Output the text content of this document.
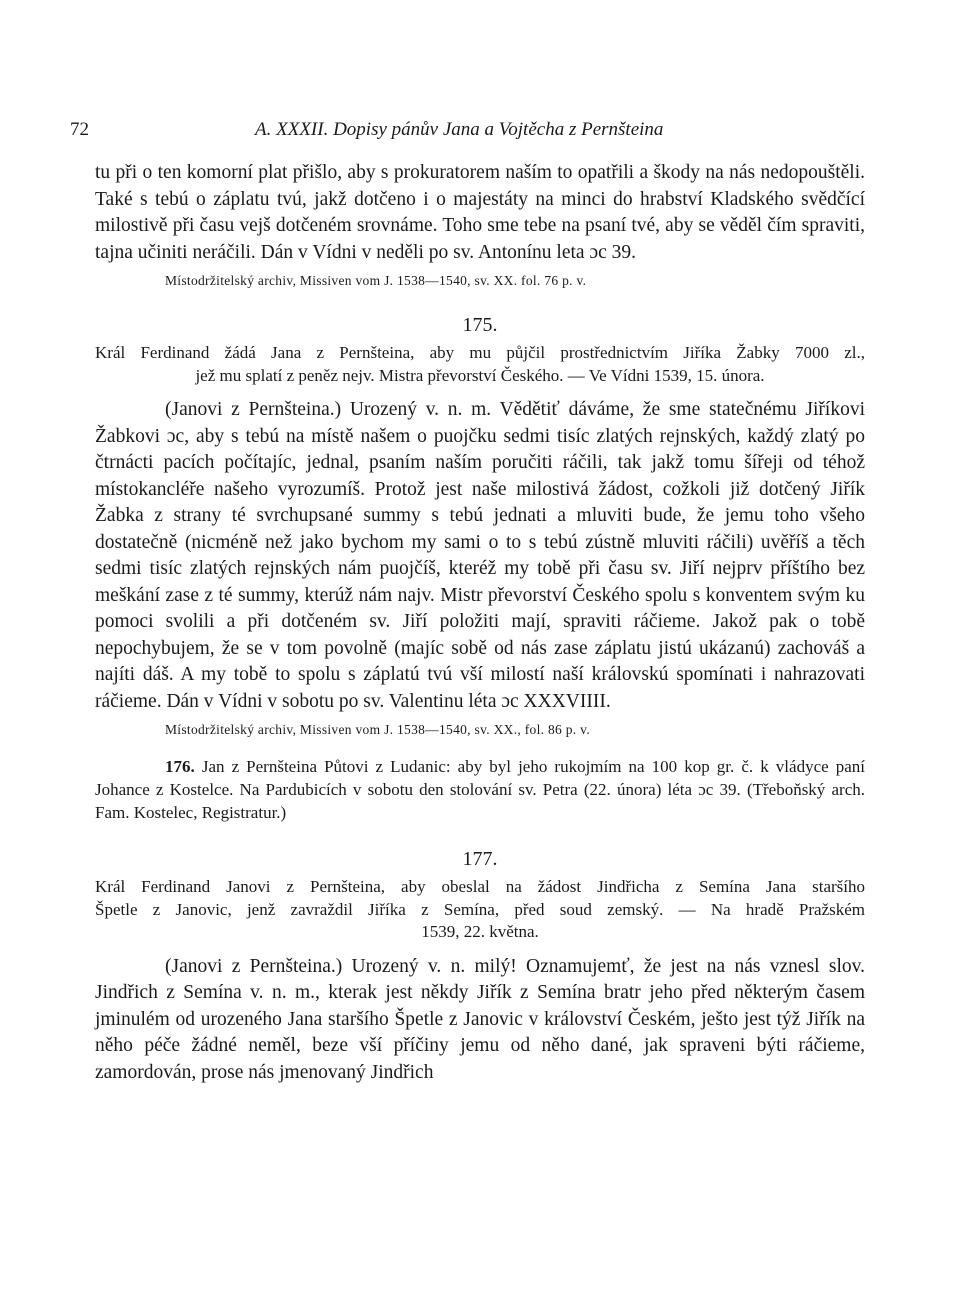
72	A. XXXII. Dopisy pánův Jana a Vojtěcha z Pernšteina

tu při o ten komorní plat přišlo, aby s prokuratorem naším to opatřili a škody na nás nedopouštěli. Také s tebú o záplatu tvú, jakž dotčeno i o majestáty na minci do hrabství Kladského svědčící milostivě při času vejš dotčeném srovnáme. Toho sme tebe na psaní tvé, aby se věděl čím spraviti, tajna učiniti neráčili. Dán v Vídni v neděli po sv. Antonínu leta ɔc 39.

Místodržitelský archiv, Missiven vom J. 1538—1540, sv. XX. fol. 76 p. v.

175.
Král Ferdinand žádá Jana z Pernšteina, aby mu půjčil prostřednictvím Jiříka Žabky 7000 zl.,
jež mu splatí z peněz nejv. Mistra převorství Českého. — Ve Vídni 1539, 15. února.

(Janovi z Pernšteina.) Urozený v. n. m. Vědětiť dáváme, že sme statečnému Jiříkovi Žabkovi ɔc, aby s tebú na místě našem o puojčku sedmi tisíc zlatých rejnských, každý zlatý po čtrnácti pacích počítajíc, jednal, psaním naším poručiti ráčili, tak jakž tomu šířeji od téhož místokancléře našeho vyrozumíš. Protož jest naše milostivá žádost, cožkoli již dotčený Jiřík Žabka z strany té svrchupsané summy s tebú jednati a mluviti bude, že jemu toho všeho dostatečně (nicméně než jako bychom my sami o to s tebú zústně mluviti ráčili) uvěříš a těch sedmi tisíc zlatých rejnských nám puojčíš, kteréž my tobě při času sv. Jiří nejprv příštího bez meškání zase z té summy, kterúž nám najv. Mistr převorství Českého spolu s konventem svým ku pomoci svolili a při dotčeném sv. Jiří položiti mají, spraviti ráčieme. Jakož pak o tobě nepochybujem, že se v tom povolně (majíc sobě od nás zase záplatu jistú ukázanú) zachováš a najíti dáš. A my tobě to spolu s záplatú tvú vší milostí naší královskú spomínati i nahrazovati ráčieme. Dán v Vídni v sobotu po sv. Valentinu léta ɔc XXXVIIII.

Místodržitelský archiv, Missiven vom J. 1538—1540, sv. XX., fol. 86 p. v.

176. Jan z Pernšteina Půtovi z Ludanic: aby byl jeho rukojmím na 100 kop gr. č. k vládyce paní Johance z Kostelce. Na Pardubicích v sobotu den stolování sv. Petra (22. února) léta ɔc 39. (Třeboňský arch. Fam. Kostelec, Registratur.)

177.
Král Ferdinand Janovi z Pernšteina, aby obeslal na žádost Jindřicha z Semína Jana staršího
Špetle z Janovic, jenž zavraždil Jiříka z Semína, před soud zemský. — Na hradě Pražském
1539, 22. května.

(Janovi z Pernšteina.) Urozený v. n. milý! Oznamujemť, že jest na nás vznesl slov. Jindřich z Semína v. n. m., kterak jest někdy Jiřík z Semína bratr jeho před některým časem jminulém od urozeného Jana staršího Špetle z Janovic v království Českém, ješto jest týž Jiřík na něho péče žádné neměl, beze vší příčiny jemu od něho dané, jak spraveni býti ráčieme, zamordován, prose nás jmenovaný Jindřich
